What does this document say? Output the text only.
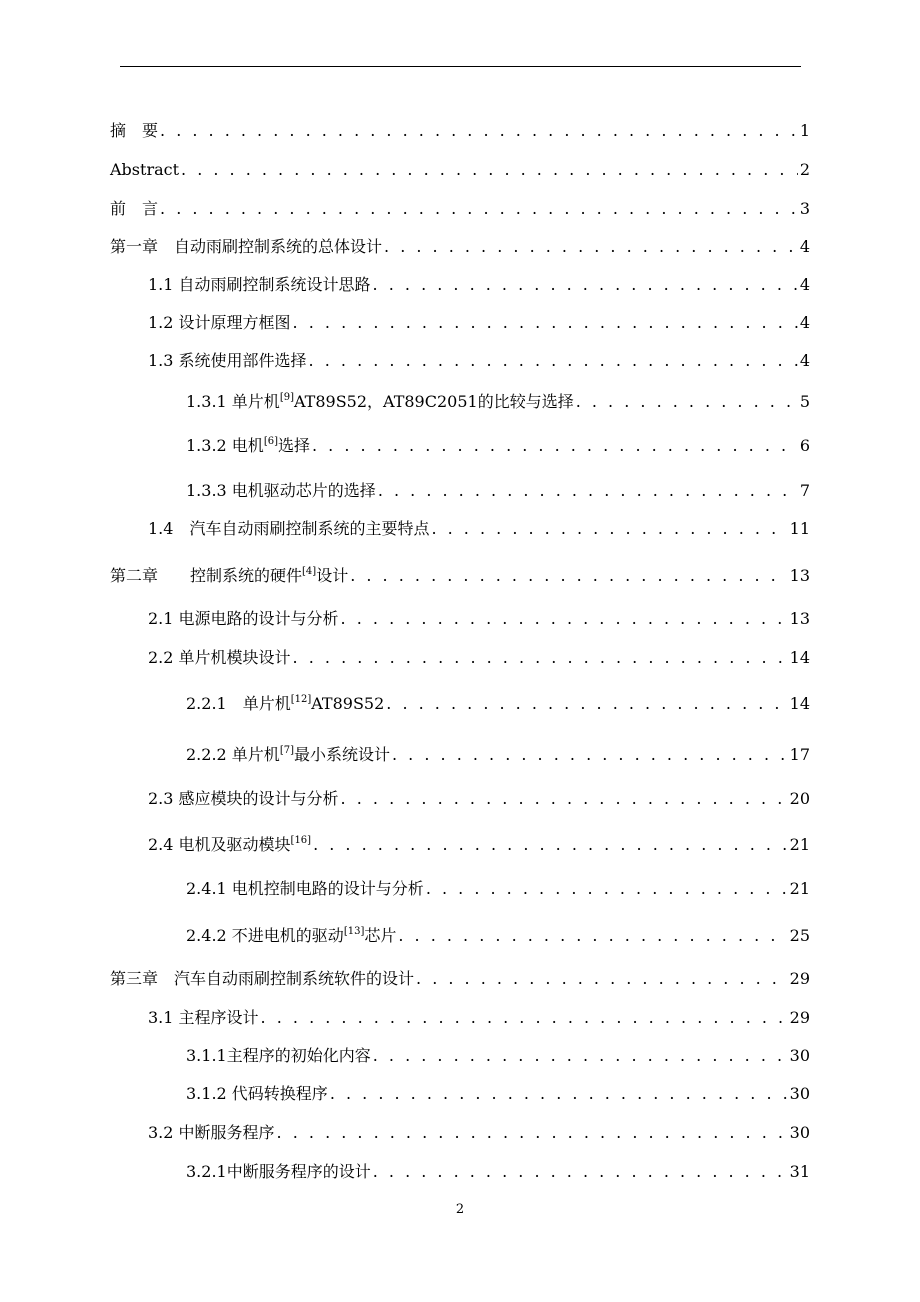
摘　要 . . .	1
Abstract . . .	2
前　言 . . .	3
第一章　自动雨刷控制系统的总体设计 . . .	4
1.1 自动雨刷控制系统设计思路 . . .	4
1.2 设计原理方框图 . . .	4
1.3 系统使用部件选择 . . .	4
1.3.1 单片机[9]AT89S52，AT89C2051的比较与选择 . . .	5
1.3.2 电机[6]选择 . . .	6
1.3.3 电机驱动芯片的选择 . . .	7
1.4　汽车自动雨刷控制系统的主要特点 . . .	11
第二章　　控制系统的硬件[4]设计 . . .	13
2.1 电源电路的设计与分析 . . .	13
2.2 单片机模块设计 . . .	14
2.2.1　单片机[12]AT89S52 . . .	14
2.2.2 单片机[7]最小系统设计 . . .	17
2.3 感应模块的设计与分析 . . .	20
2.4 电机及驱动模块[16] . . .	21
2.4.1 电机控制电路的设计与分析 . . .	21
2.4.2 不进电机的驱动[13]芯片 . . .	25
第三章　汽车自动雨刷控制系统软件的设计 . . .	29
3.1 主程序设计 . . .	29
3.1.1主程序的初始化内容 . . .	30
3.1.2 代码转换程序 . . .	30
3.2 中断服务程序 . . .	30
3.2.1中断服务程序的设计 . . .	31
2
